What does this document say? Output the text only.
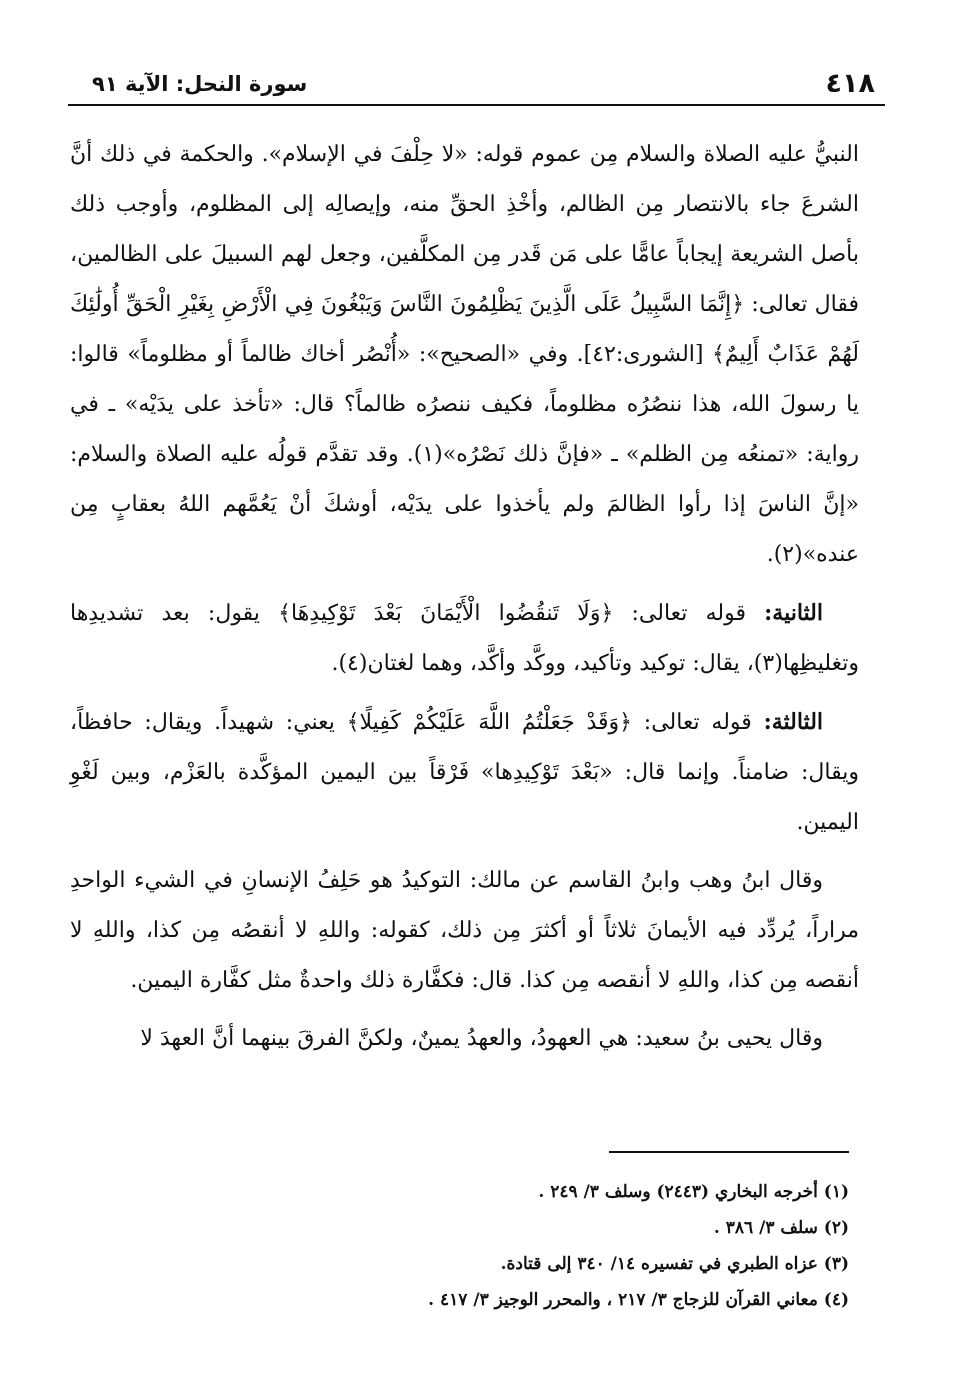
٤١٨
سورة النحل: الآية ٩١

النبيُّ عليه الصلاة والسلام مِن عموم قوله: «لا حِلْفَ في الإسلام». والحكمة في ذلك أنَّ الشرعَ جاء بالانتصار مِن الظالم، وأخْذِ الحقِّ منه، وإيصالِه إلى المظلوم، وأوجب ذلك بأصل الشريعة إيجاباً عامًّا على مَن قَدر مِن المكلَّفين، وجعل لهم السبيلَ على الظالمين، فقال تعالى: ﴿إِنَّمَا السَّبِيلُ عَلَى الَّذِينَ يَظْلِمُونَ النَّاسَ وَيَبْغُونَ فِي الْأَرْضِ بِغَيْرِ الْحَقِّ أُولَٰئِكَ لَهُمْ عَذَابٌ أَلِيمٌ﴾ [الشورى:٤٢]. وفي «الصحيح»: «أُنْصُر أخاك ظالماً أو مظلوماً» قالوا: يا رسولَ الله، هذا ننصُرُه مظلوماً، فكيف ننصرُه ظالماً؟ قال: «تأخذ على يدَيْه» ـ في رواية: «تمنعُه مِن الظلم» ـ «فإنَّ ذلك نَصْرُه»(١). وقد تقدَّم قولُه عليه الصلاة والسلام: «إنَّ الناسَ إذا رأوا الظالمَ ولم يأخذوا على يدَيْه، أوشكَ أنْ يَعُمَّهم اللهُ بعقابٍ مِن عنده»(٢).

الثانية: قوله تعالى: ﴿وَلَا تَنقُضُوا الْأَيْمَانَ بَعْدَ تَوْكِيدِهَا﴾ يقول: بعد تشديدِها وتغليظِها(٣)، يقال: توكيد وتأكيد، ووكَّد وأكَّد، وهما لغتان(٤).

الثالثة: قوله تعالى: ﴿وَقَدْ جَعَلْتُمُ اللَّهَ عَلَيْكُمْ كَفِيلًا﴾ يعني: شهيداً. ويقال: حافظاً، ويقال: ضامناً. وإنما قال: «بَعْدَ تَوْكِيدِها» فَرْقاً بين اليمين المؤكَّدة بالعَزْم، وبين لَغْوِ اليمين.

وقال ابنُ وهب وابنُ القاسم عن مالك: التوكيدُ هو حَلِفُ الإنسانِ في الشيء الواحدِ مراراً، يُردِّد فيه الأيمانَ ثلاثاً أو أكثرَ مِن ذلك، كقوله: واللهِ لا أنقصُه مِن كذا، واللهِ لا أنقصه مِن كذا، واللهِ لا أنقصه مِن كذا. قال: فكفَّارة ذلك واحدةٌ مثل كفَّارة اليمين.

وقال يحيى بنُ سعيد: هي العهودُ، والعهدُ يمينٌ، ولكنَّ الفرقَ بينهما أنَّ العهدَ لا

(١) أخرجه البخاري (٢٤٤٣) وسلف ٣/ ٢٤٩ .

(٢) سلف ٣/ ٣٨٦ .

(٣) عزاه الطبري في تفسيره ١٤/ ٣٤٠ إلى قتادة.

(٤) معاني القرآن للزجاج ٣/ ٢١٧ ، والمحرر الوجيز ٣/ ٤١٧ .
